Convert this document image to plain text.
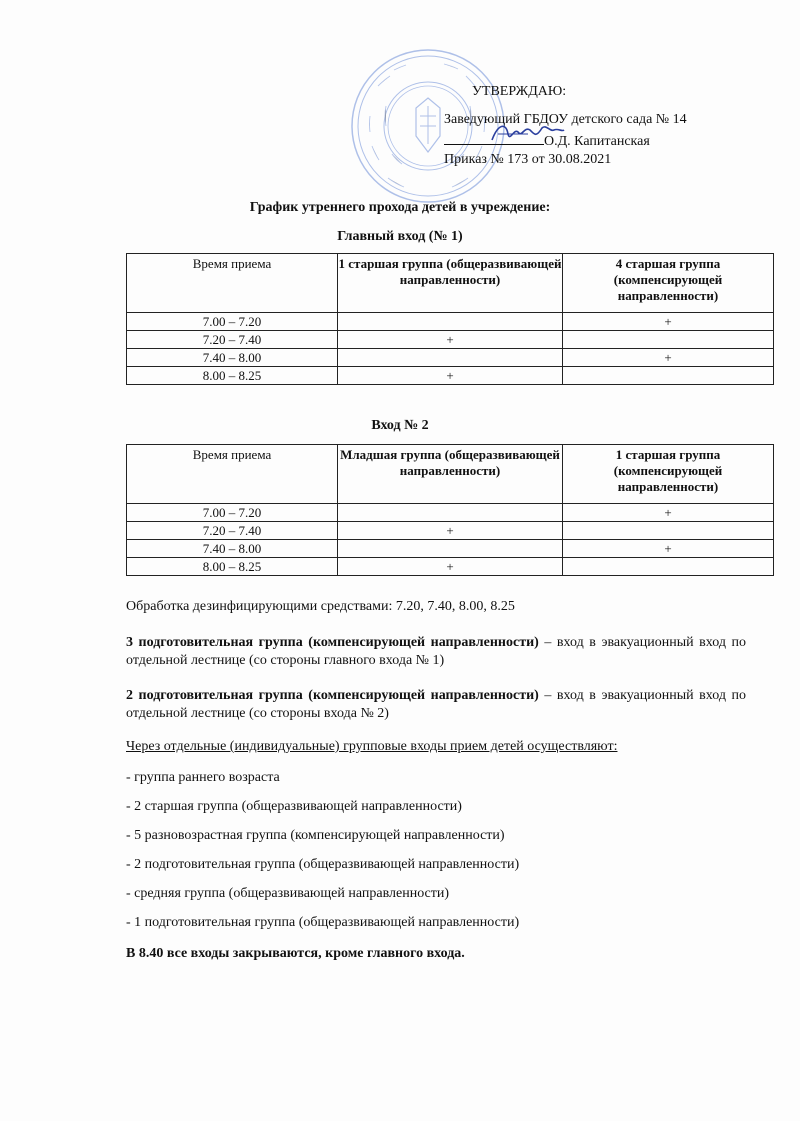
УТВЕРЖДАЮ:
Заведующий ГБДОУ детского сада № 14
О.Д. Капитанская
Приказ № 173 от 30.08.2021
График утреннего прохода детей в учреждение:
Главный вход (№ 1)
Время приема	1 старшая группа (общеразвивающей направленности)	4 старшая группа (компенсирующей направленности)
7.00 – 7.20		+
7.20 – 7.40	+	
7.40 – 8.00		+
8.00 – 8.25	+	
Вход № 2
Время приема	Младшая группа (общеразвивающей направленности)	1 старшая группа (компенсирующей направленности)
7.00 – 7.20		+
7.20 – 7.40	+	
7.40 – 8.00		+
8.00 – 8.25	+	
Обработка дезинфицирующими средствами: 7.20, 7.40, 8.00, 8.25
3 подготовительная группа (компенсирующей направленности) – вход в эвакуационный вход по отдельной лестнице (со стороны главного входа № 1)
2 подготовительная группа (компенсирующей направленности) – вход в эвакуационный вход по отдельной лестнице (со стороны входа № 2)
Через отдельные (индивидуальные) групповые входы прием детей осуществляют:
- группа раннего возраста
- 2 старшая группа (общеразвивающей направленности)
- 5 разновозрастная группа (компенсирующей направленности)
- 2 подготовительная группа (общеразвивающей направленности)
- средняя группа (общеразвивающей направленности)
- 1 подготовительная группа (общеразвивающей направленности)
В 8.40 все входы закрываются, кроме главного входа.
